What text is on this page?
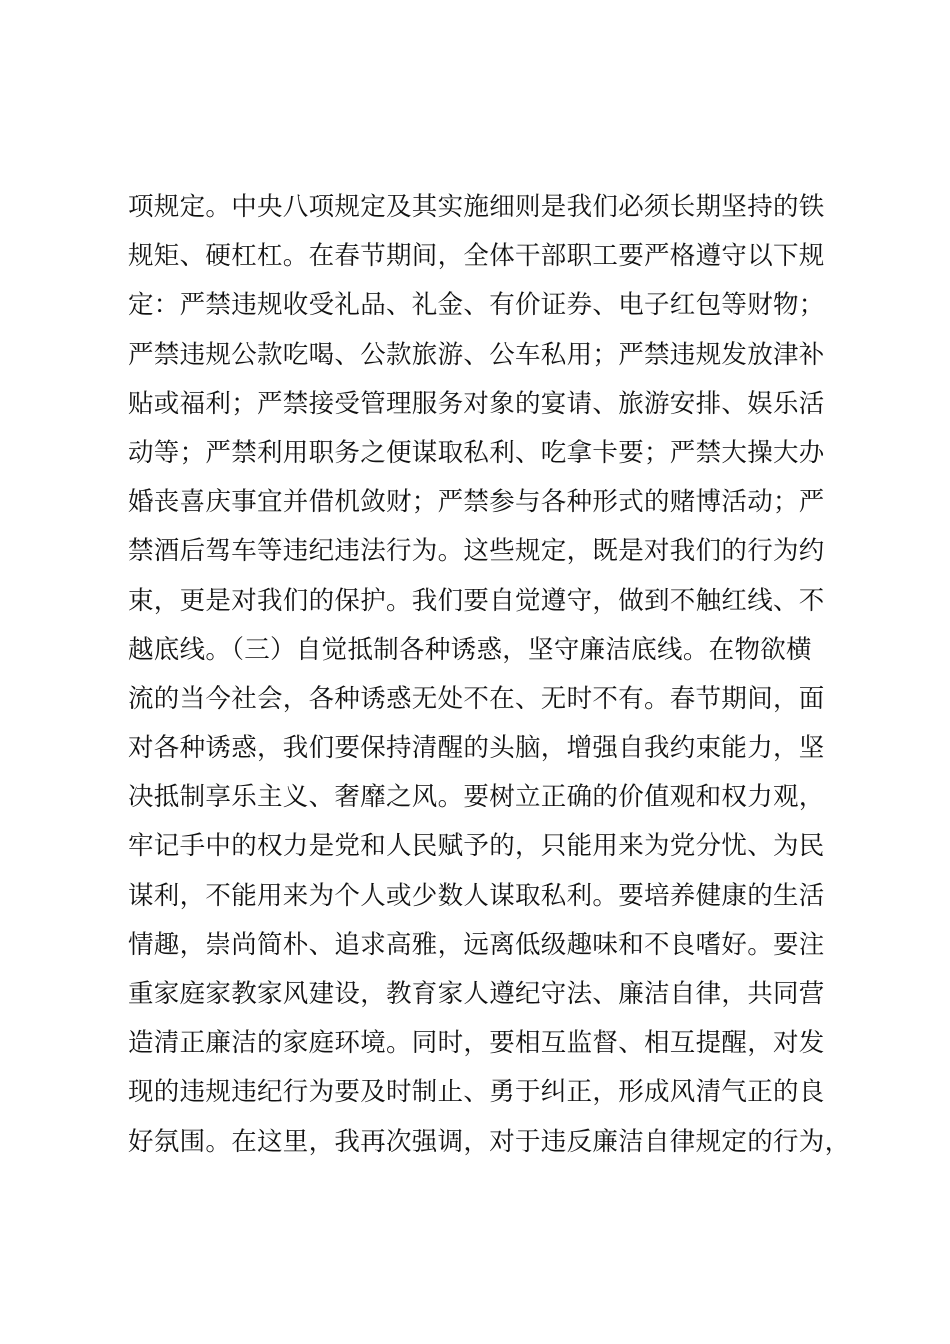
项规定。中央八项规定及其实施细则是我们必须长期坚持的铁
规矩、硬杠杠。在春节期间，全体干部职工要严格遵守以下规
定：严禁违规收受礼品、礼金、有价证券、电子红包等财物；
严禁违规公款吃喝、公款旅游、公车私用；严禁违规发放津补
贴或福利；严禁接受管理服务对象的宴请、旅游安排、娱乐活
动等；严禁利用职务之便谋取私利、吃拿卡要；严禁大操大办
婚丧喜庆事宜并借机敛财；严禁参与各种形式的赌博活动；严
禁酒后驾车等违纪违法行为。这些规定，既是对我们的行为约
束，更是对我们的保护。我们要自觉遵守，做到不触红线、不
越底线。（三）自觉抵制各种诱惑，坚守廉洁底线。在物欲横
流的当今社会，各种诱惑无处不在、无时不有。春节期间，面
对各种诱惑，我们要保持清醒的头脑，增强自我约束能力，坚
决抵制享乐主义、奢靡之风。要树立正确的价值观和权力观，
牢记手中的权力是党和人民赋予的，只能用来为党分忧、为民
谋利，不能用来为个人或少数人谋取私利。要培养健康的生活
情趣，崇尚简朴、追求高雅，远离低级趣味和不良嗜好。要注
重家庭家教家风建设，教育家人遵纪守法、廉洁自律，共同营
造清正廉洁的家庭环境。同时，要相互监督、相互提醒，对发
现的违规违纪行为要及时制止、勇于纠正，形成风清气正的良
好氛围。在这里，我再次强调，对于违反廉洁自律规定的行为，
